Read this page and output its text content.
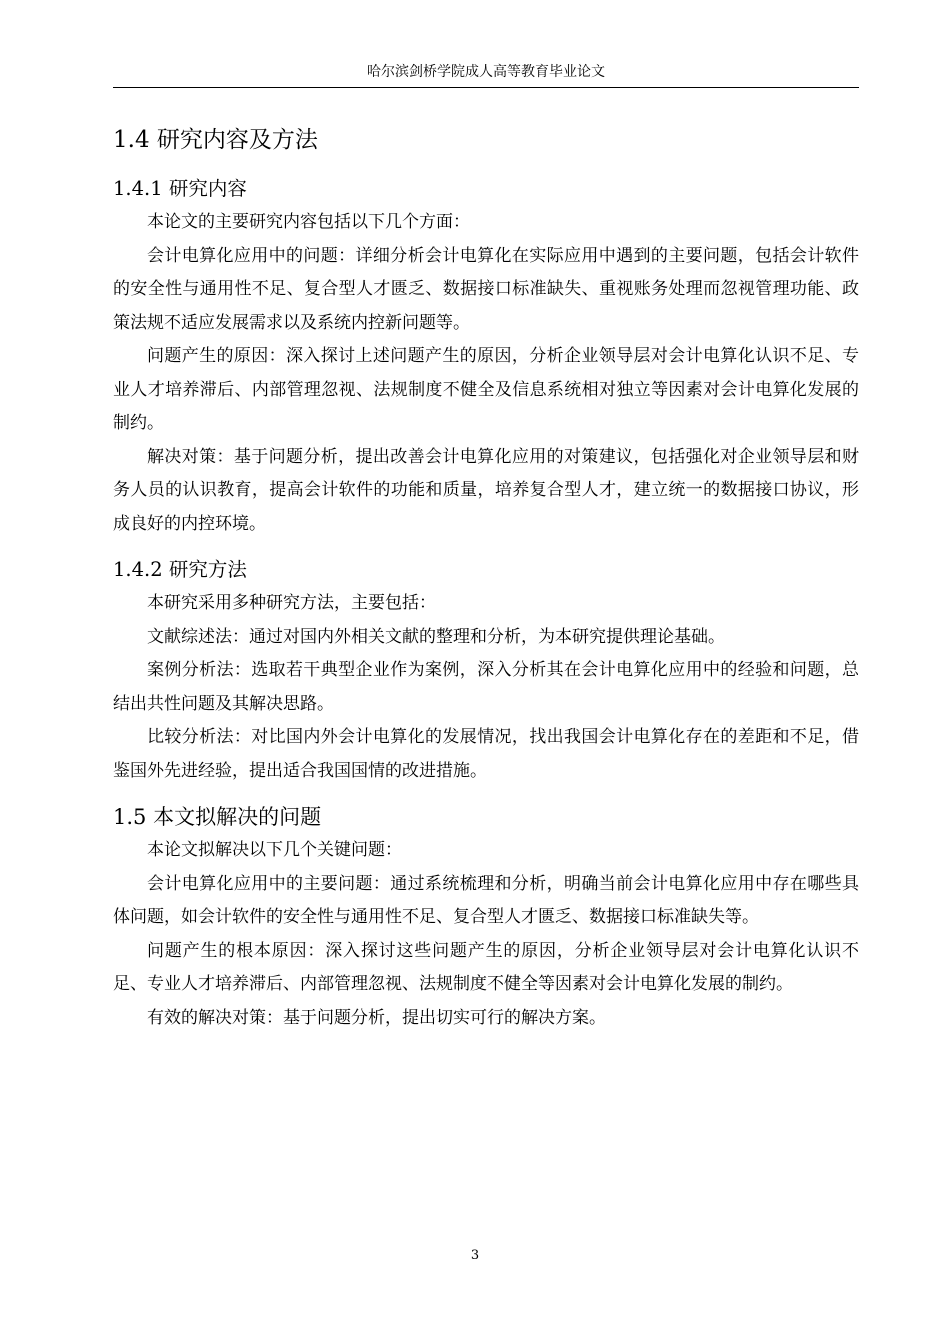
哈尔滨剑桥学院成人高等教育毕业论文
1.4 研究内容及方法
1.4.1 研究内容

本论文的主要研究内容包括以下几个方面：

会计电算化应用中的问题：详细分析会计电算化在实际应用中遇到的主要问题，包括会计软件的安全性与通用性不足、复合型人才匮乏、数据接口标准缺失、重视账务处理而忽视管理功能、政策法规不适应发展需求以及系统内控新问题等。

问题产生的原因：深入探讨上述问题产生的原因，分析企业领导层对会计电算化认识不足、专业人才培养滞后、内部管理忽视、法规制度不健全及信息系统相对独立等因素对会计电算化发展的制约。

解决对策：基于问题分析，提出改善会计电算化应用的对策建议，包括强化对企业领导层和财务人员的认识教育，提高会计软件的功能和质量，培养复合型人才，建立统一的数据接口协议，形成良好的内控环境。

1.4.2 研究方法

本研究采用多种研究方法，主要包括：

文献综述法：通过对国内外相关文献的整理和分析，为本研究提供理论基础。

案例分析法：选取若干典型企业作为案例，深入分析其在会计电算化应用中的经验和问题，总结出共性问题及其解决思路。

比较分析法：对比国内外会计电算化的发展情况，找出我国会计电算化存在的差距和不足，借鉴国外先进经验，提出适合我国国情的改进措施。

1.5 本文拟解决的问题

本论文拟解决以下几个关键问题：

会计电算化应用中的主要问题：通过系统梳理和分析，明确当前会计电算化应用中存在哪些具体问题，如会计软件的安全性与通用性不足、复合型人才匮乏、数据接口标准缺失等。

问题产生的根本原因：深入探讨这些问题产生的原因，分析企业领导层对会计电算化认识不足、专业人才培养滞后、内部管理忽视、法规制度不健全等因素对会计电算化发展的制约。

有效的解决对策：基于问题分析，提出切实可行的解决方案。

3
